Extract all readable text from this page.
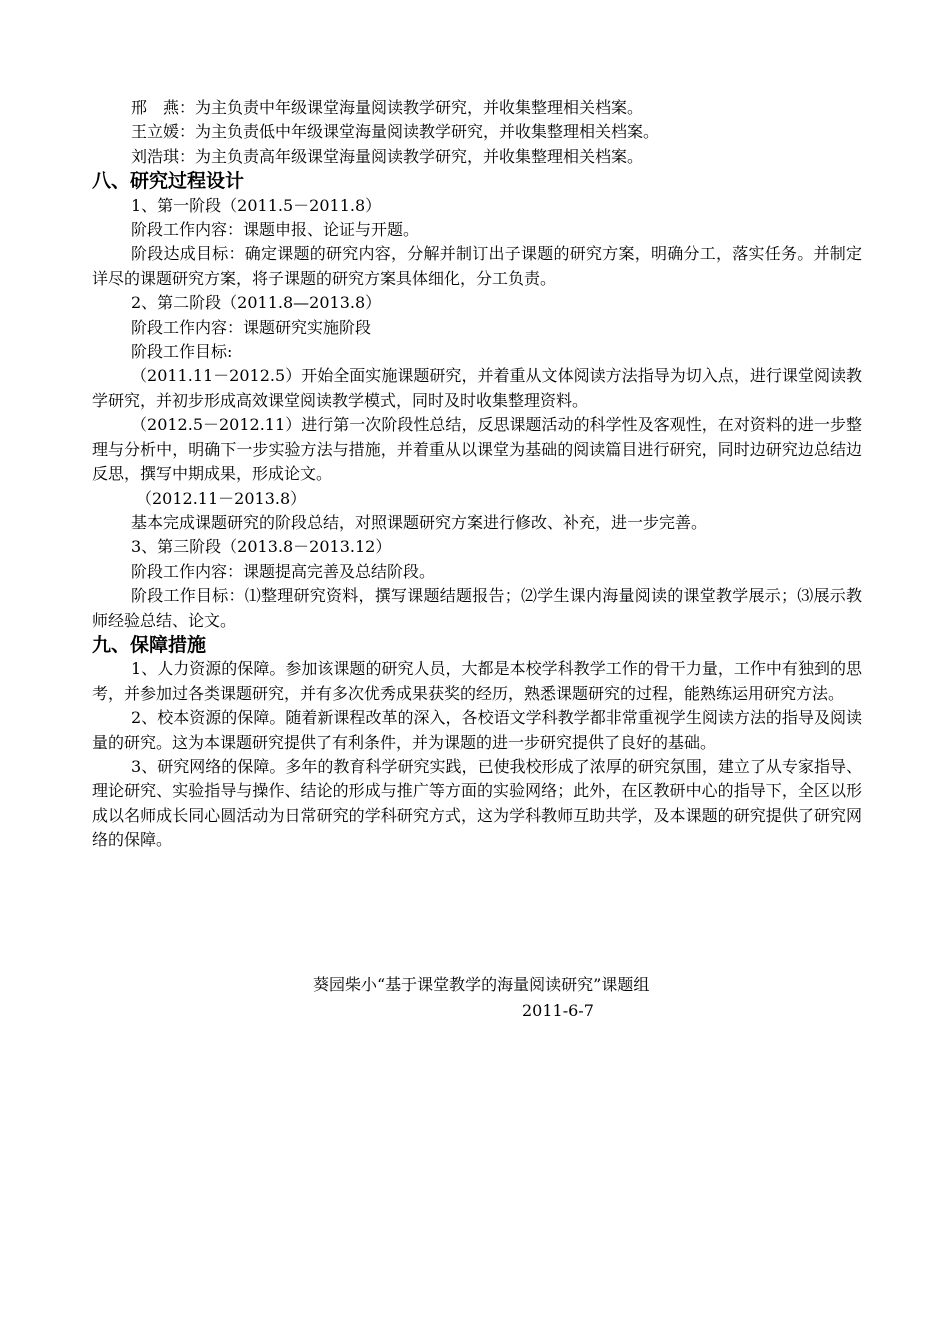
邢　燕：为主负责中年级课堂海量阅读教学研究，并收集整理相关档案。
王立媛：为主负责低中年级课堂海量阅读教学研究，并收集整理相关档案。
刘浩琪：为主负责高年级课堂海量阅读教学研究，并收集整理相关档案。
八、研究过程设计
1、第一阶段（2011.5－2011.8）
阶段工作内容：课题申报、论证与开题。

阶段达成目标：确定课题的研究内容，分解并制订出子课题的研究方案，明确分工，落实任务。并制定详尽的课题研究方案，将子课题的研究方案具体细化，分工负责。

2、第二阶段（2011.8—2013.8）
阶段工作内容：课题研究实施阶段
阶段工作目标:

（2011.11－2012.5）开始全面实施课题研究，并着重从文体阅读方法指导为切入点，进行课堂阅读教学研究，并初步形成高效课堂阅读教学模式，同时及时收集整理资料。

（2012.5－2012.11）进行第一次阶段性总结，反思课题活动的科学性及客观性，在对资料的进一步整理与分析中，明确下一步实验方法与措施，并着重从以课堂为基础的阅读篇目进行研究，同时边研究边总结边反思，撰写中期成果，形成论文。

（2012.11－2013.8）
基本完成课题研究的阶段总结，对照课题研究方案进行修改、补充，进一步完善。
3、第三阶段（2013.8－2013.12）
阶段工作内容：课题提高完善及总结阶段。

阶段工作目标：⑴整理研究资料，撰写课题结题报告；⑵学生课内海量阅读的课堂教学展示；⑶展示教师经验总结、论文。

九、保障措施

1、人力资源的保障。参加该课题的研究人员，大都是本校学科教学工作的骨干力量，工作中有独到的思考，并参加过各类课题研究，并有多次优秀成果获奖的经历，熟悉课题研究的过程，能熟练运用研究方法。

2、校本资源的保障。随着新课程改革的深入，各校语文学科教学都非常重视学生阅读方法的指导及阅读量的研究。这为本课题研究提供了有利条件，并为课题的进一步研究提供了良好的基础。

3、研究网络的保障。多年的教育科学研究实践，已使我校形成了浓厚的研究氛围，建立了从专家指导、理论研究、实验指导与操作、结论的形成与推广等方面的实验网络；此外，在区教研中心的指导下，全区以形成以名师成长同心圆活动为日常研究的学科研究方式，这为学科教师互助共学，及本课题的研究提供了研究网络的保障。

葵园柴小“基于课堂教学的海量阅读研究”课题组
2011-6-7
